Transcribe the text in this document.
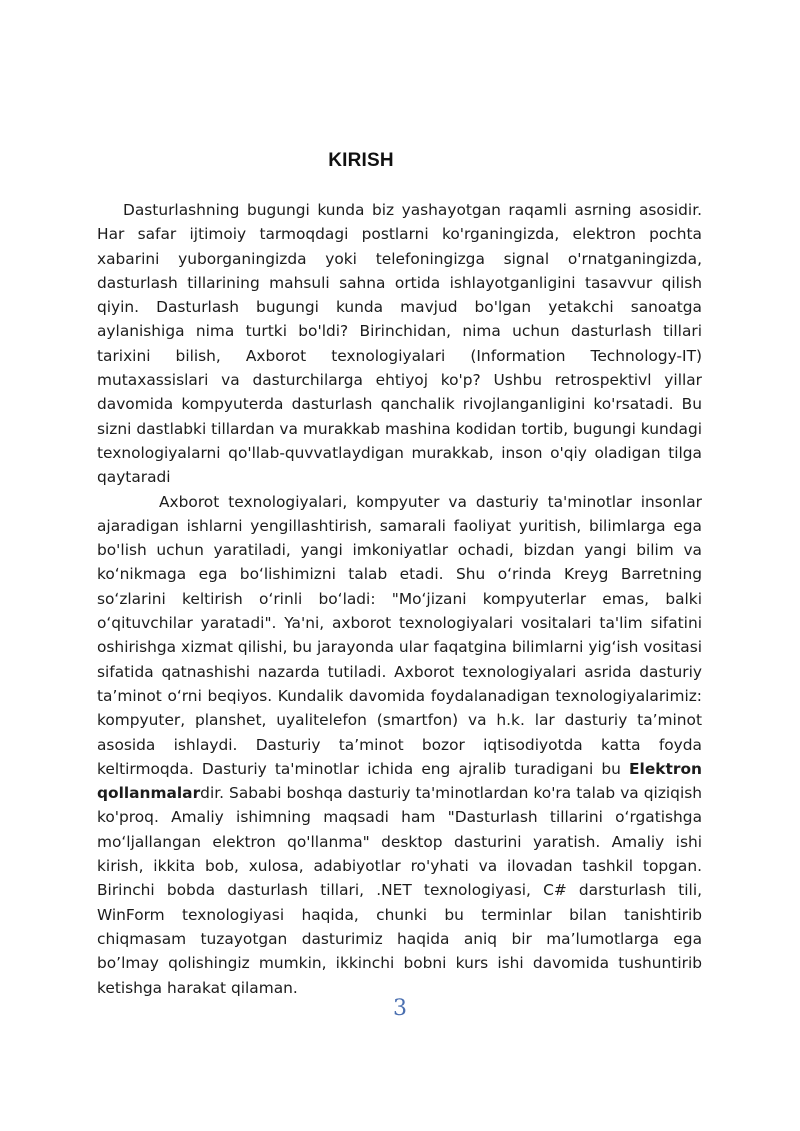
KIRISH

Dasturlashning bugungi kunda biz yashayotgan raqamli asrning asosidir. Har safar ijtimoiy tarmoqdagi postlarni ko'rganingizda, elektron pochta xabarini yuborganingizda yoki telefoningizga signal o'rnatganingizda, dasturlash tillarining mahsuli sahna ortida ishlayotganligini tasavvur qilish qiyin. Dasturlash bugungi kunda mavjud bo'lgan yetakchi sanoatga aylanishiga nima turtki bo'ldi? Birinchidan, nima uchun dasturlash tillari tarixini bilish, Axborot texnologiyalari (Information Technology-IT) mutaxassislari va dasturchilarga ehtiyoj ko'p? Ushbu retrospektivl yillar davomida kompyuterda dasturlash qanchalik rivojlanganligini ko'rsatadi. Bu sizni dastlabki tillardan va murakkab mashina kodidan tortib, bugungi kundagi texnologiyalarni qo'llab-quvvatlaydigan murakkab, inson o'qiy oladigan tilga qaytaradi

Axborot texnologiyalari, kompyuter va dasturiy ta'minotlar insonlar ajaradigan ishlarni yengillashtirish, samarali faoliyat yuritish, bilimlarga ega bo'lish uchun yaratiladi, yangi imkoniyatlar ochadi, bizdan yangi bilim va koʻnikmaga ega boʻlishimizni talab etadi. Shu oʻrinda Kreyg Barretning soʻzlarini keltirish oʻrinli boʻladi: "Moʻjizani kompyuterlar emas, balki oʻqituvchilar yaratadi". Ya'ni, axborot texnologiyalari vositalari ta'lim sifatini oshirishga xizmat qilishi, bu jarayonda ular faqatgina bilimlarni yigʻish vositasi sifatida qatnashishi nazarda tutiladi. Axborot texnologiyalari asrida dasturiy taʼminot oʻrni beqiyos. Kundalik davomida foydalanadigan texnologiyalarimiz: kompyuter, planshet, uyalitelefon (smartfon) va h.k. lar dasturiy taʼminot asosida ishlaydi. Dasturiy taʼminot bozor iqtisodiyotda katta foyda keltirmoqda. Dasturiy ta'minotlar ichida eng ajralib turadigani bu Elektron qollanmalardir. Sababi boshqa dasturiy ta'minotlardan ko'ra talab va qiziqish ko'proq. Amaliy ishimning maqsadi ham "Dasturlash tillarini oʻrgatishga moʻljallangan elektron qo'llanma" desktop dasturini yaratish. Amaliy ishi kirish, ikkita bob, xulosa, adabiyotlar ro'yhati va ilovadan tashkil topgan. Birinchi bobda dasturlash tillari, .NET texnologiyasi, C# darsturlash tili, WinForm texnologiyasi haqida, chunki bu terminlar bilan tanishtirib chiqmasam tuzayotgan dasturimiz haqida aniq bir ma’lumotlarga ega bo’lmay qolishingiz mumkin, ikkinchi bobni kurs ishi davomida tushuntirib ketishga harakat qilaman.

3
